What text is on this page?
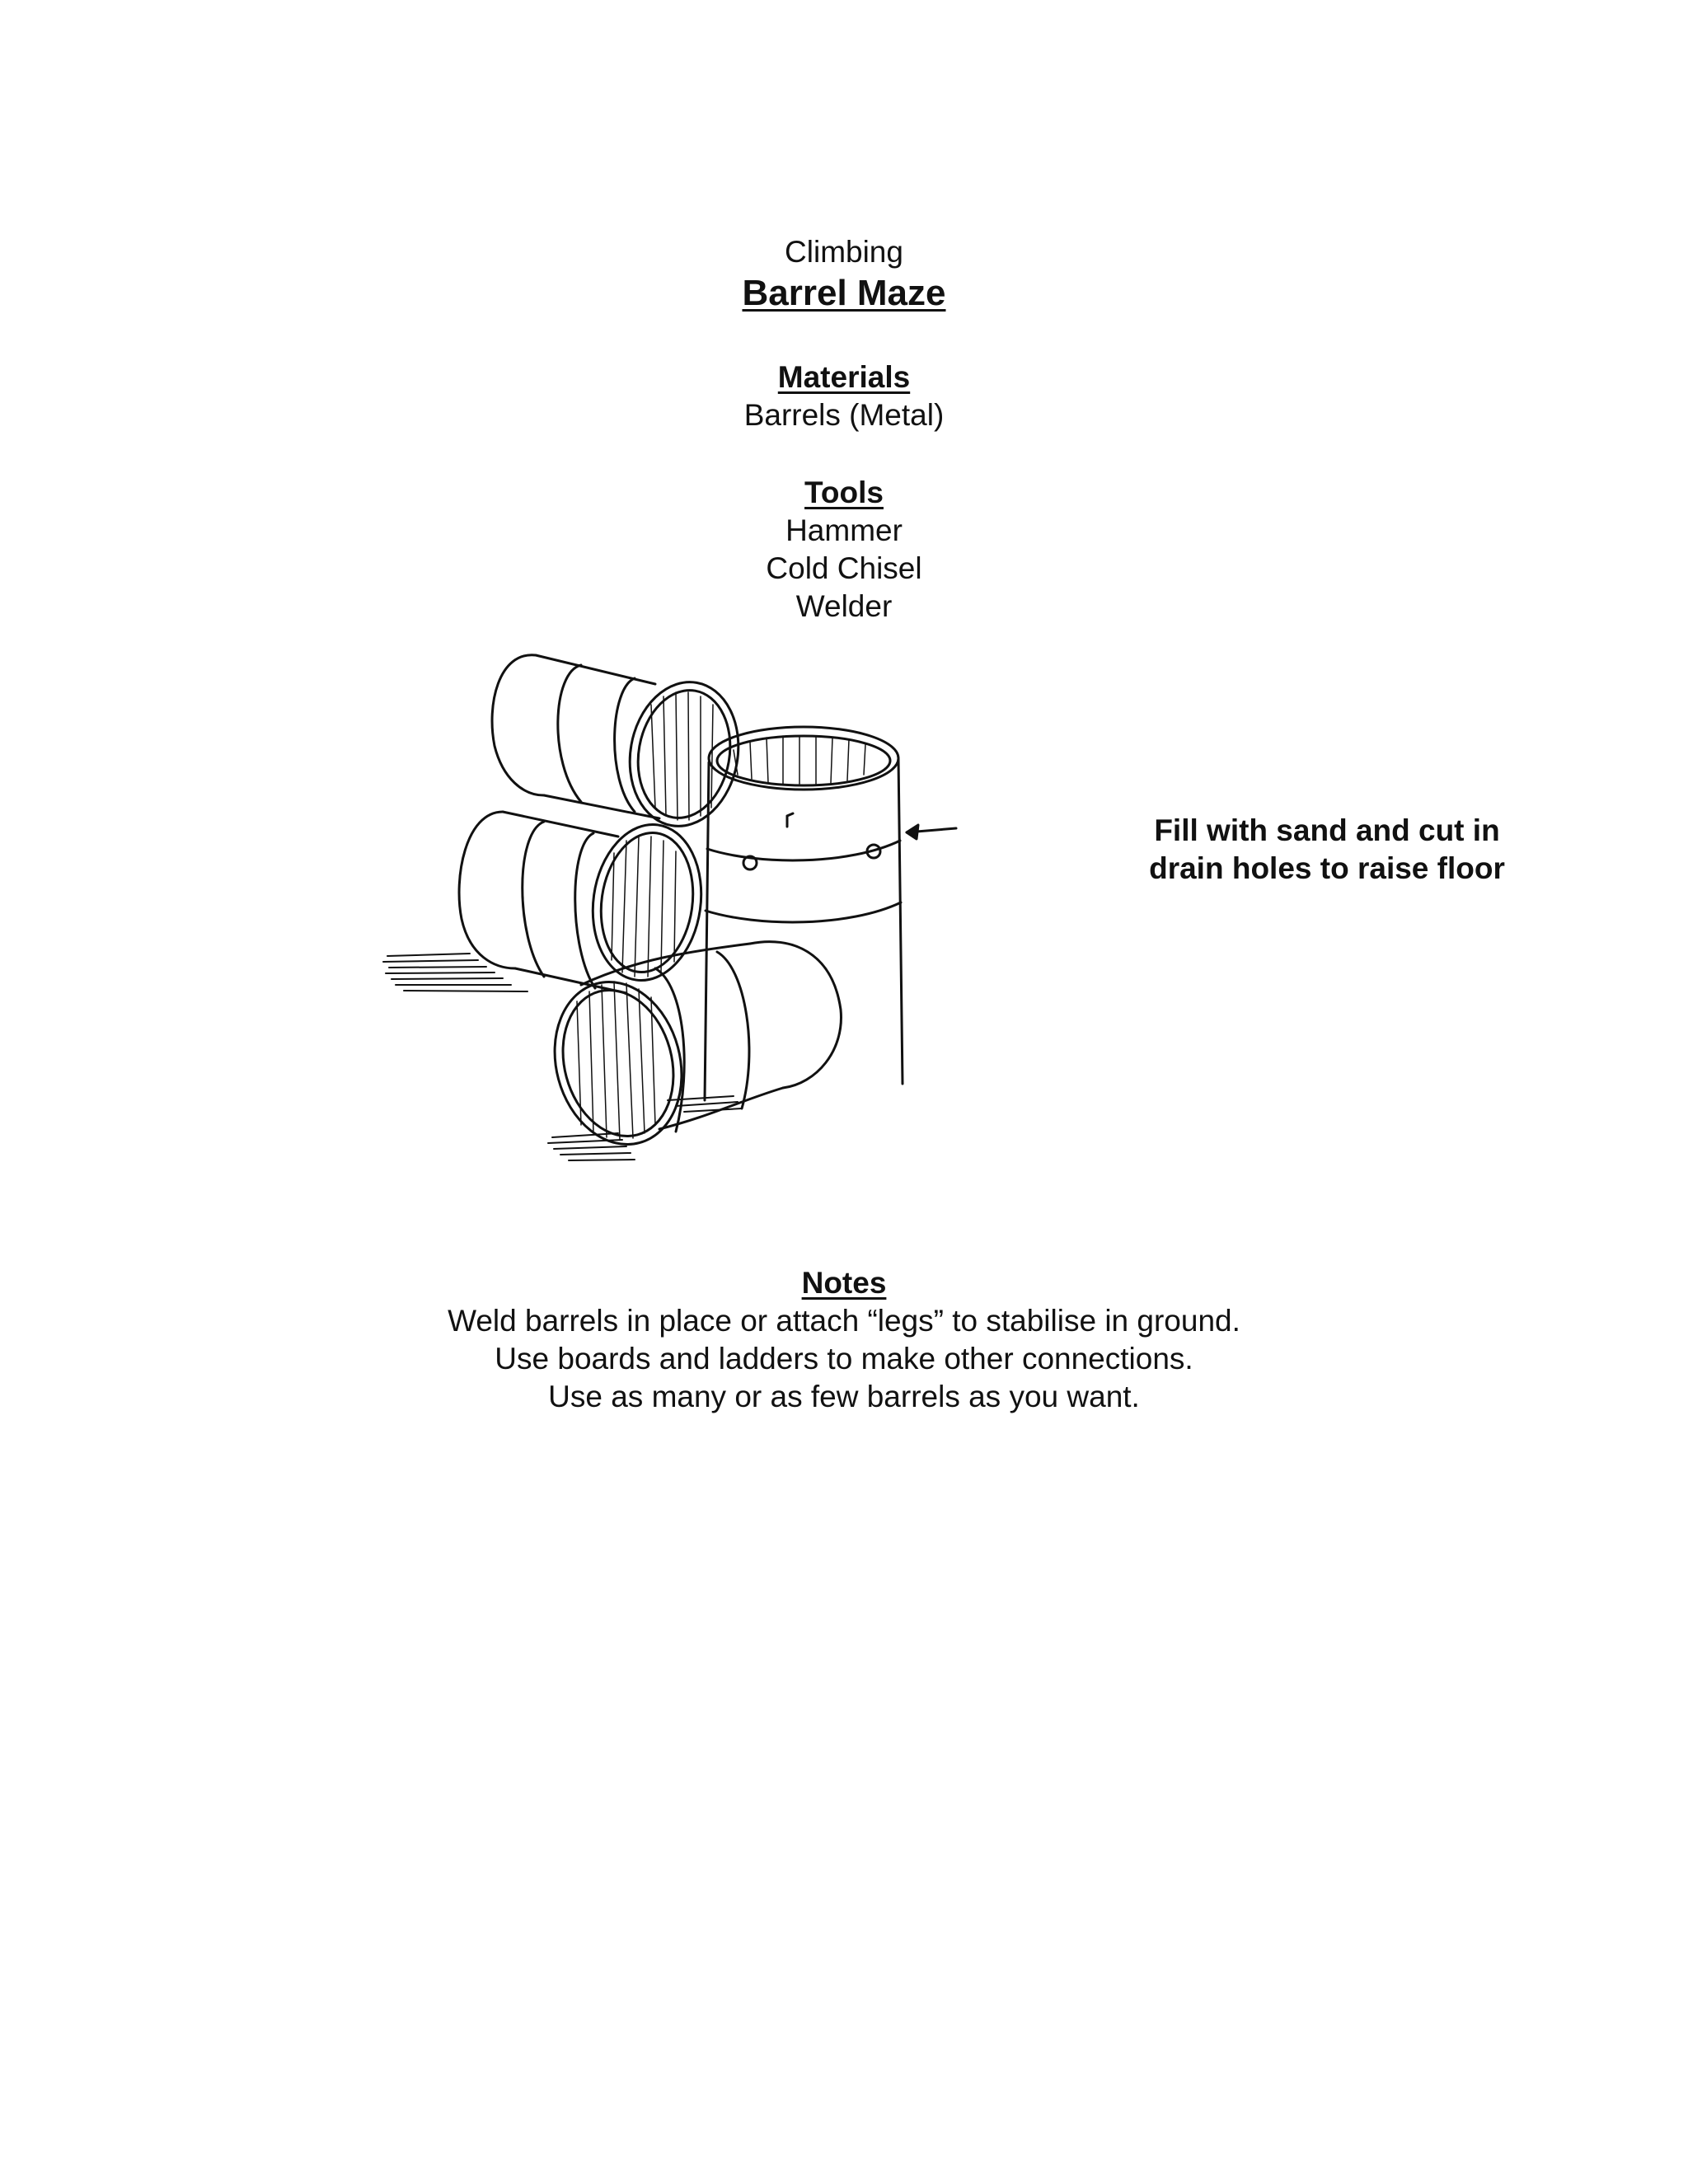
Climbing
Barrel Maze
Materials
Barrels (Metal)
Tools
Hammer
Cold Chisel
Welder
Fill with sand and cut in
drain holes to raise floor
Notes
Weld barrels in place or attach “legs” to stabilise in ground.
Use boards and ladders to make other connections.
Use as many or as few barrels as you want.
